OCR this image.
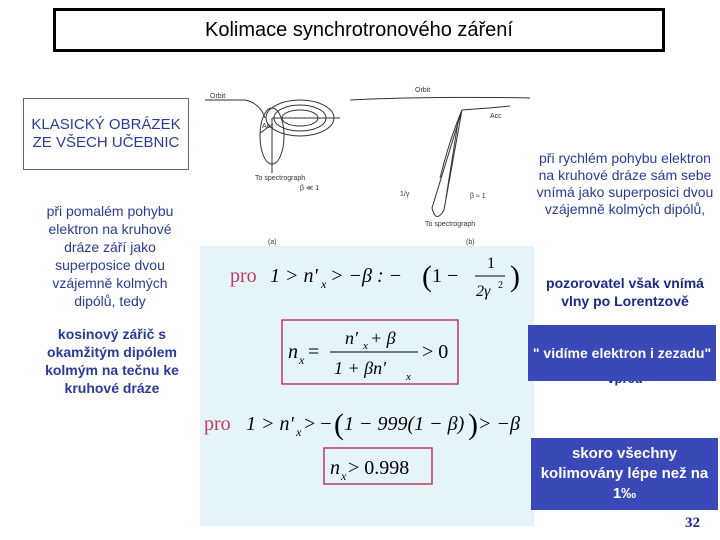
Kolimace synchrotronového záření
KLASICKÝ OBRÁZEK ZE VŠECH UČEBNIC
při pomalém pohybu elektron na kruhové dráze září jako superposice dvou vzájemně kolmých dipólů, tedy
kosinový zářič s okamžitým dipólem kolmým na tečnu ke kruhové dráze
Orbit
Acc
To spectrograph
β ≪ 1
(a)
Orbit
Acc
1/γ	β ≈ 1
To spectrograph
(b)
pro 1 > n' x > −β : − ( 1 −
1
2γ 2 )
n x =
n' x + β
1 + βn' x
> 0
pro 1 > n' x > − ( 1 − 999(1 − β) ) > −β
n x > 0.998
při rychlém pohybu elektron na kruhové dráze sám sebe vnímá jako superposici dvou vzájemně kolmých dipólů,
pozorovatel však vnímá vlny po Lorentzově
" vidíme elektron i zezadu"
skoro všechny kolimovány lépe než na 1‰
32
